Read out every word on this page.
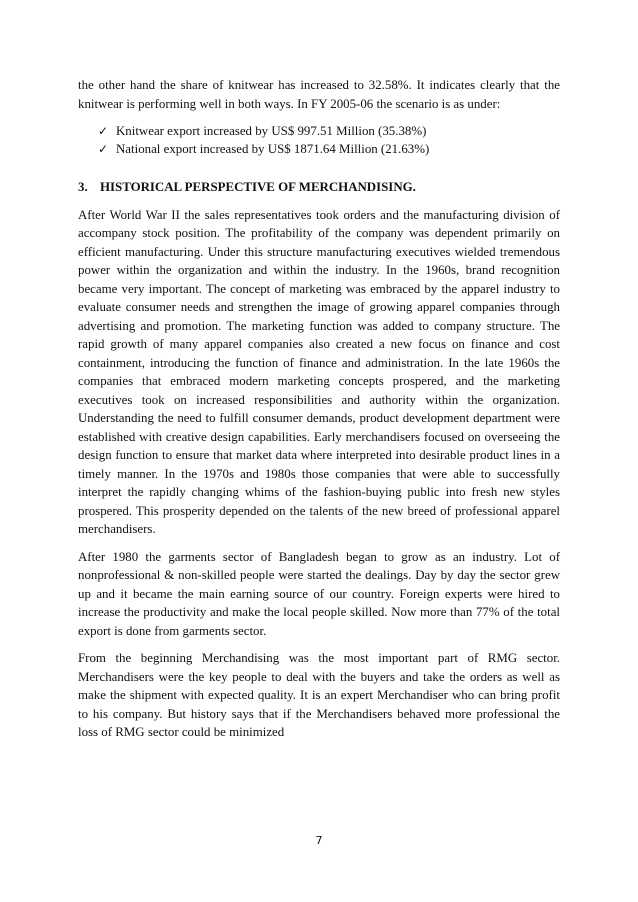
the other hand the share of knitwear has increased to 32.58%. It indicates clearly that the

knitwear is performing well in both ways. In FY 2005-06 the scenario is as under:

✓ Knitwear export increased by US$ 997.51 Million (35.38%)
✓ National export increased by US$ 1871.64 Million (21.63%)
3. HISTORICAL PERSPECTIVE OF MERCHANDISING.

After World War II the sales representatives took orders and the manufacturing division of accompany stock position. The profitability of the company was dependent primarily on efficient manufacturing. Under this structure manufacturing executives wielded tremendous power within the organization and within the industry. In the 1960s, brand recognition became very important. The concept of marketing was embraced by the apparel industry to evaluate consumer needs and strengthen the image of growing apparel companies through advertising and promotion. The marketing function was added to company structure. The rapid growth of many apparel companies also created a new focus on finance and cost containment, introducing the function of finance and administration. In the late 1960s the companies that embraced modern marketing concepts prospered, and the marketing executives took on increased responsibilities and authority within the organization. Understanding the need to fulfill consumer demands, product development department were established with creative design capabilities. Early merchandisers focused on overseeing the design function to ensure that market data where interpreted into desirable product lines in a timely manner. In the 1970s and 1980s those companies that were able to successfully interpret the rapidly changing whims of the fashion-buying public into fresh new styles prospered. This prosperity depended on the talents of the new breed of professional apparel merchandisers.

After 1980 the garments sector of Bangladesh began to grow as an industry. Lot of nonprofessional & non-skilled people were started the dealings. Day by day the sector grew up and it became the main earning source of our country. Foreign experts were hired to increase the productivity and make the local people skilled. Now more than 77% of the total export is done from garments sector.

From the beginning Merchandising was the most important part of RMG sector. Merchandisers were the key people to deal with the buyers and take the orders as well as make the shipment with expected quality. It is an expert Merchandiser who can bring profit to his company. But history says that if the Merchandisers behaved more professional the loss of RMG sector could be minimized

7
